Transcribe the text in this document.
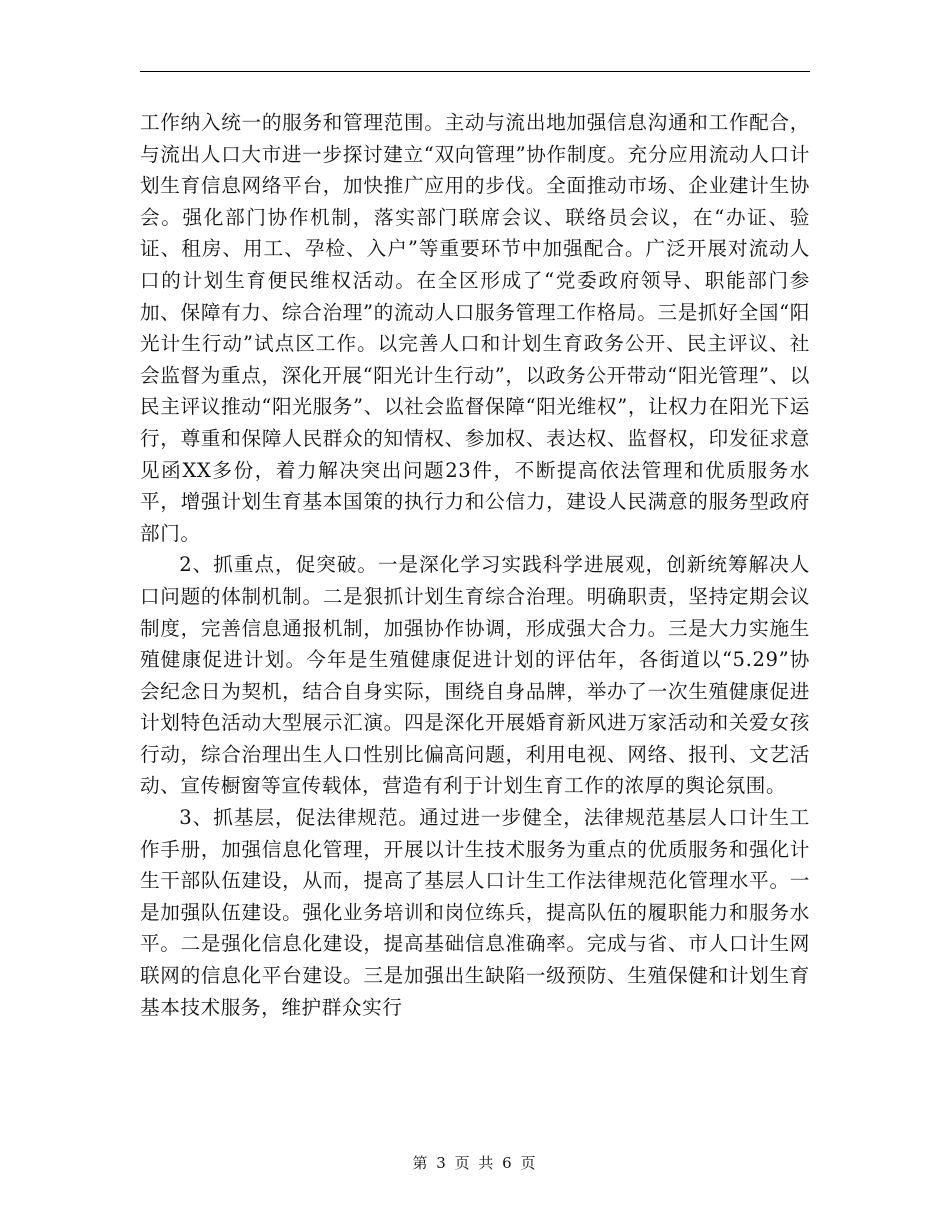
工作纳入统一的服务和管理范围。主动与流出地加强信息沟通和工作配合，与流出人口大市进一步探讨建立“双向管理”协作制度。充分应用流动人口计划生育信息网络平台，加快推广应用的步伐。全面推动市场、企业建计生协会。强化部门协作机制，落实部门联席会议、联络员会议，在“办证、验证、租房、用工、孕检、入户”等重要环节中加强配合。广泛开展对流动人口的计划生育便民维权活动。在全区形成了“党委政府领导、职能部门参加、保障有力、综合治理”的流动人口服务管理工作格局。三是抓好全国“阳光计生行动”试点区工作。以完善人口和计划生育政务公开、民主评议、社会监督为重点，深化开展“阳光计生行动”，以政务公开带动“阳光管理”、以民主评议推动“阳光服务”、以社会监督保障“阳光维权”，让权力在阳光下运行，尊重和保障人民群众的知情权、参加权、表达权、监督权，印发征求意见函XX多份，着力解决突出问题23件，不断提高依法管理和优质服务水平，增强计划生育基本国策的执行力和公信力，建设人民满意的服务型政府部门。

2、抓重点，促突破。一是深化学习实践科学进展观，创新统筹解决人口问题的体制机制。二是狠抓计划生育综合治理。明确职责，坚持定期会议制度，完善信息通报机制，加强协作协调，形成强大合力。三是大力实施生殖健康促进计划。今年是生殖健康促进计划的评估年，各街道以“5.29”协会纪念日为契机，结合自身实际，围绕自身品牌，举办了一次生殖健康促进计划特色活动大型展示汇演。四是深化开展婚育新风进万家活动和关爱女孩行动，综合治理出生人口性别比偏高问题，利用电视、网络、报刊、文艺活动、宣传橱窗等宣传载体，营造有利于计划生育工作的浓厚的舆论氛围。

3、抓基层，促法律规范。通过进一步健全，法律规范基层人口计生工作手册，加强信息化管理，开展以计生技术服务为重点的优质服务和强化计生干部队伍建设，从而，提高了基层人口计生工作法律规范化管理水平。一是加强队伍建设。强化业务培训和岗位练兵，提高队伍的履职能力和服务水平。二是强化信息化建设，提高基础信息准确率。完成与省、市人口计生网联网的信息化平台建设。三是加强出生缺陷一级预防、生殖保健和计划生育基本技术服务，维护群众实行

第 3 页 共 6 页
